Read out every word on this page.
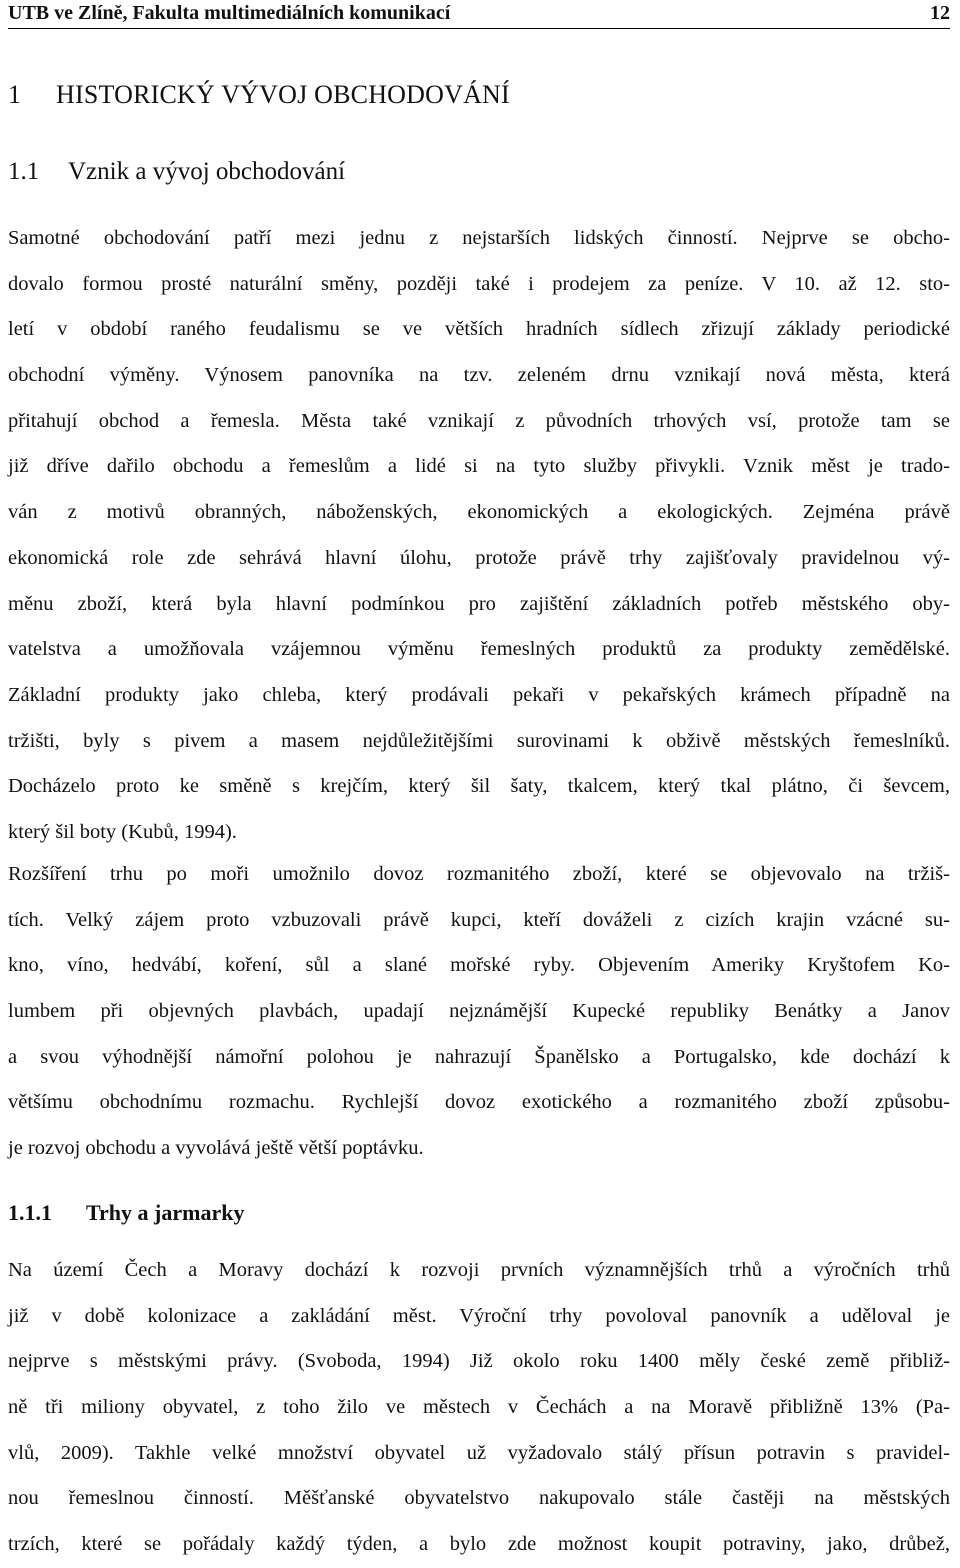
UTB ve Zlíně, Fakulta multimediálních komunikací	12
1 HISTORICKÝ VÝVOJ OBCHODOVÁNÍ
1.1 Vznik a vývoj obchodování
Samotné obchodování patří mezi jednu z nejstarších lidských činností. Nejprve se obcho-
dovalo formou prosté naturální směny, později také i prodejem za peníze. V 10. až 12. sto-
letí v období raného feudalismu se ve větších hradních sídlech zřizují základy periodické
obchodní výměny. Výnosem panovníka na tzv. zeleném drnu vznikají nová města, která
přitahují obchod a řemesla. Města také vznikají z původních trhových vsí, protože tam se
již dříve dařilo obchodu a řemeslům a lidé si na tyto služby přivykli. Vznik měst je trado-
ván z motivů obranných, náboženských, ekonomických a ekologických. Zejména právě
ekonomická role zde sehrává hlavní úlohu, protože právě trhy zajišťovaly pravidelnou vý-
měnu zboží, která byla hlavní podmínkou pro zajištění základních potřeb městského oby-
vatelstva a umožňovala vzájemnou výměnu řemeslných produktů za produkty zemědělské.
Základní produkty jako chleba, který prodávali pekaři v pekařských krámech případně na
tržišti, byly s pivem a masem nejdůležitějšími surovinami k obživě městských řemeslníků.
Docházelo proto ke směně s krejčím, který šil šaty, tkalcem, který tkal plátno, či ševcem,
který šil boty (Kubů, 1994).
Rozšíření trhu po moři umožnilo dovoz rozmanitého zboží, které se objevovalo na tržiš-
tích. Velký zájem proto vzbuzovali právě kupci, kteří dováželi z cizích krajin vzácné su-
kno, víno, hedvábí, koření, sůl a slané mořské ryby. Objevením Ameriky Kryštofem Ko-
lumbem při objevných plavbách, upadají nejznámější Kupecké republiky Benátky a Janov
a svou výhodnější námořní polohou je nahrazují Španělsko a Portugalsko, kde dochází k
většímu obchodnímu rozmachu. Rychlejší dovoz exotického a rozmanitého zboží způsobu-
je rozvoj obchodu a vyvolává ještě větší poptávku.
1.1.1 Trhy a jarmarky
Na území Čech a Moravy dochází k rozvoji prvních významnějších trhů a výročních trhů
již v době kolonizace a zakládání měst. Výroční trhy povoloval panovník a uděloval je
nejprve s městskými právy. (Svoboda, 1994) Již okolo roku 1400 měly české země přibliž-
ně tři miliony obyvatel, z toho žilo ve městech v Čechách a na Moravě přibližně 13% (Pa-
vlů, 2009). Takhle velké množství obyvatel už vyžadovalo stálý přísun potravin s pravidel-
nou řemeslnou činností. Měšťanské obyvatelstvo nakupovalo stále častěji na městských
trzích, které se pořádaly každý týden, a bylo zde možnost koupit potraviny, jako, drůbež,
